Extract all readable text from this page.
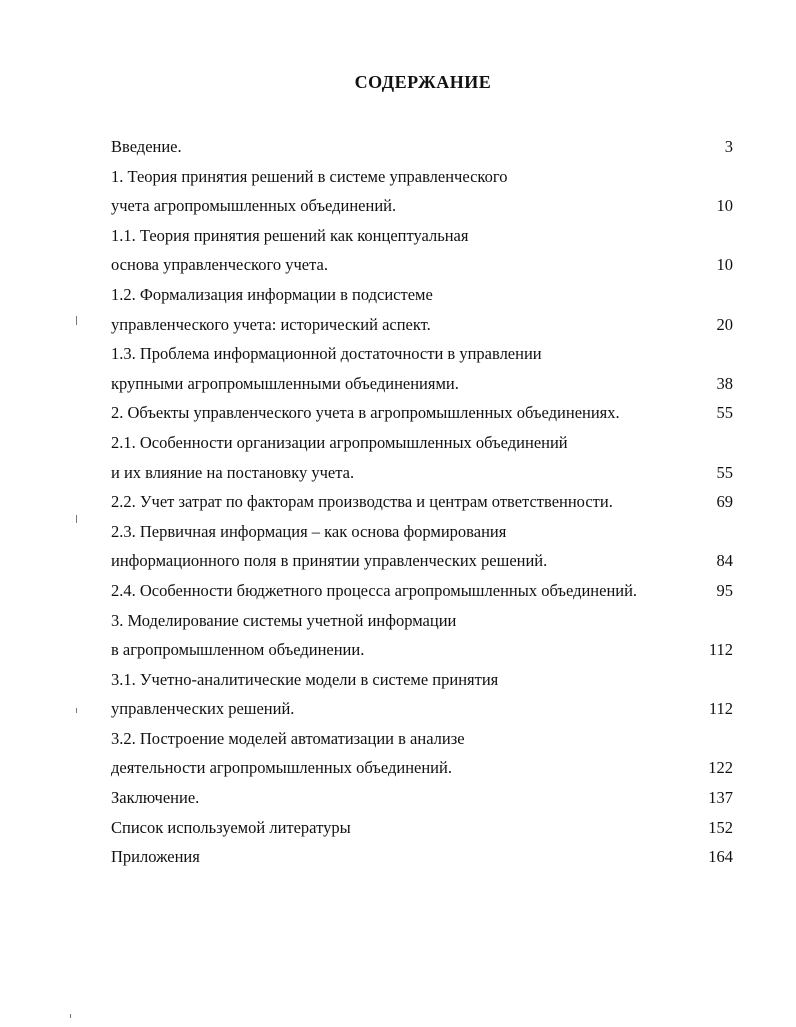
СОДЕРЖАНИЕ
Введение.	3
1. Теория принятия решений в системе управленческого
учета агропромышленных объединений.	10
1.1. Теория принятия решений как концептуальная
основа управленческого учета.	10
1.2. Формализация информации в подсистеме
управленческого учета: исторический аспект.	20
1.3. Проблема информационной достаточности в управлении
крупными агропромышленными объединениями.	38
2. Объекты управленческого учета в агропромышленных объединениях.	55
2.1. Особенности организации агропромышленных объединений
и их влияние на постановку учета.	55
2.2. Учет затрат по факторам производства и центрам ответственности.	69
2.3. Первичная информация – как основа формирования
информационного поля в принятии управленческих решений.	84
2.4. Особенности бюджетного процесса агропромышленных объединений.	95
3. Моделирование системы учетной информации
в агропромышленном объединении.	112
3.1. Учетно-аналитические модели в системе принятия
управленческих решений.	112
3.2. Построение моделей автоматизации в анализе
деятельности агропромышленных объединений.	122
Заключение.	137
Список используемой литературы	152
Приложения	164
